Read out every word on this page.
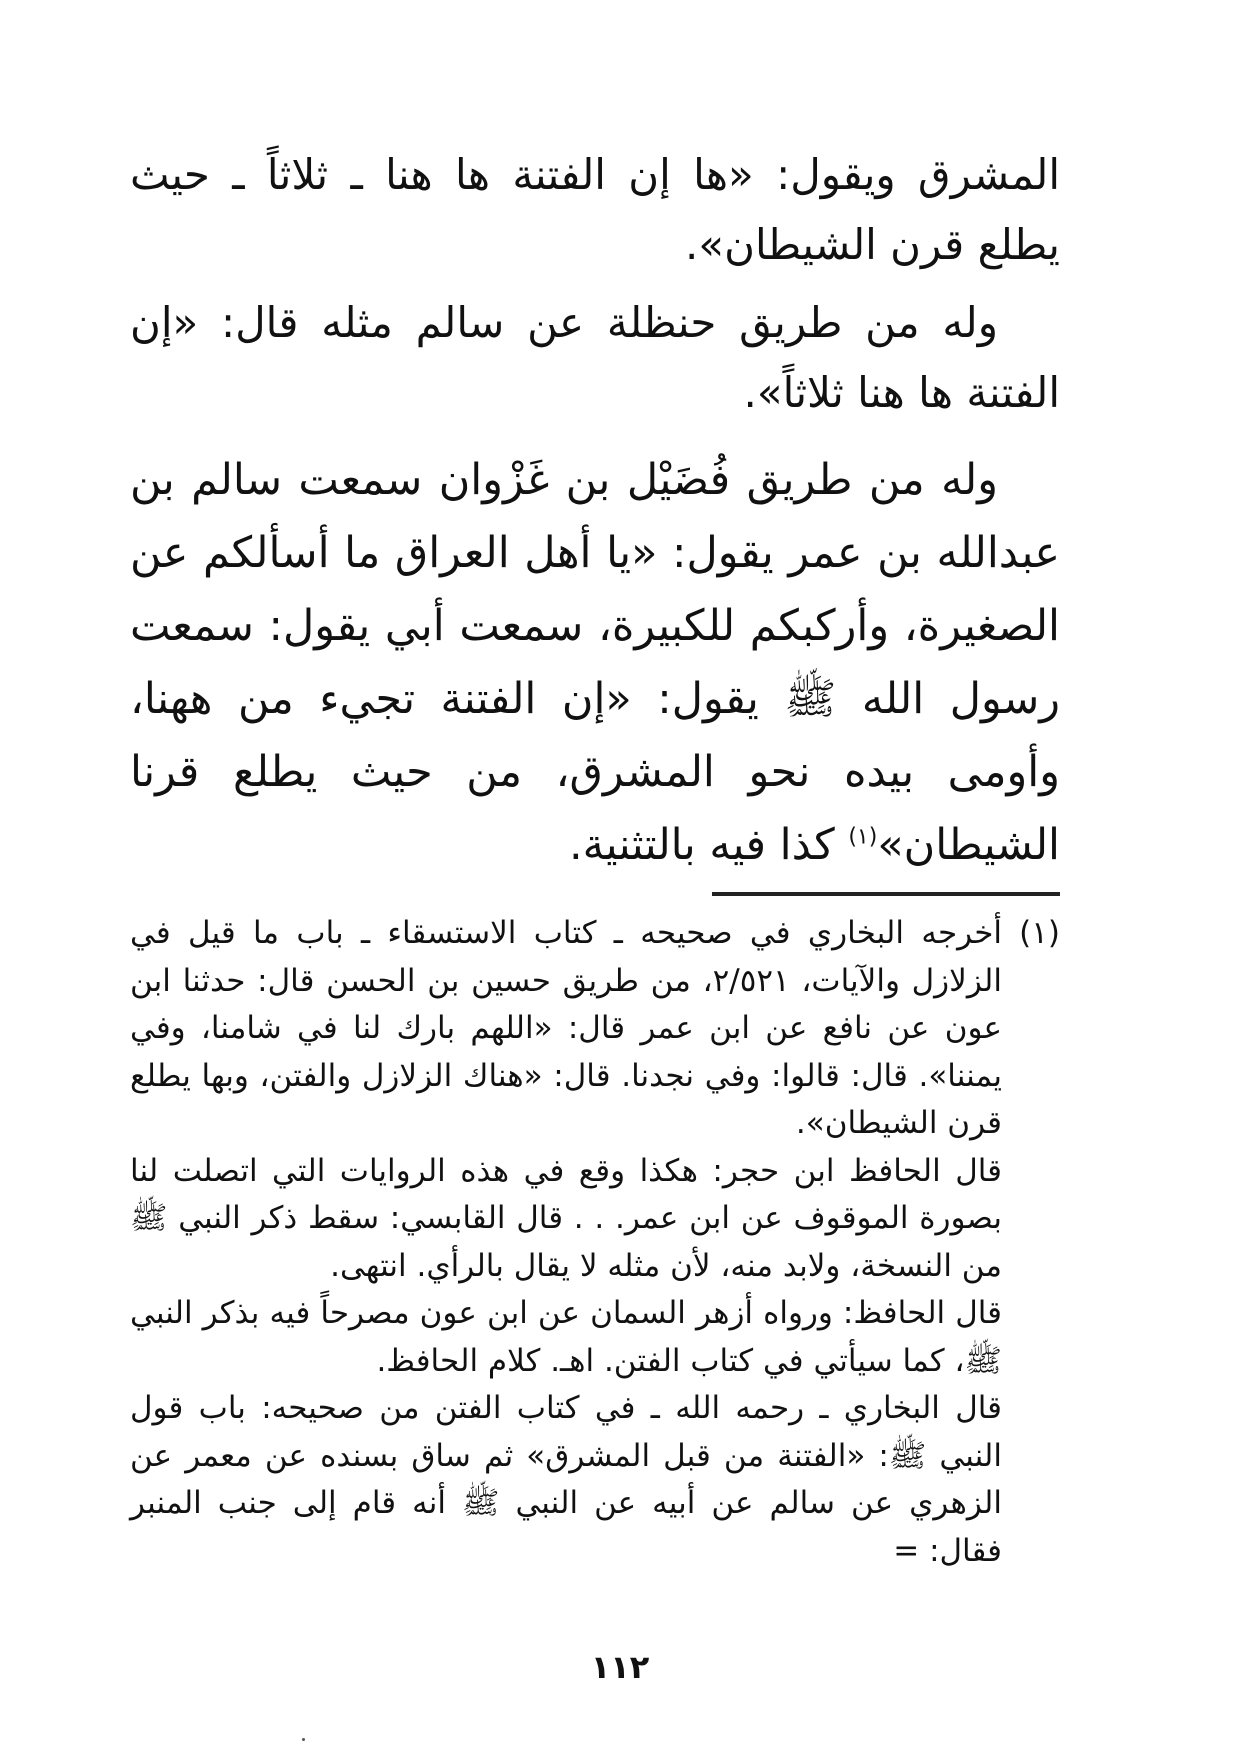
المشرق ويقول: «ها إن الفتنة ها هنا ـ ثلاثاً ـ حيث يطلع قرن الشيطان».

وله من طريق حنظلة عن سالم مثله قال: «إن الفتنة ها هنا ثلاثاً».

وله من طريق فُضَيْل بن غَزْوان سمعت سالم بن عبدالله بن عمر يقول: «يا أهل العراق ما أسألكم عن الصغيرة، وأركبكم للكبيرة، سمعت أبي يقول: سمعت رسول الله ﷺ يقول: «إن الفتنة تجيء من ههنا، وأومى بيده نحو المشرق، من حيث يطلع قرنا الشيطان»$^{(١)}$ كذا فيه بالتثنية.

(١)
أخرجه البخاري في صحيحه ـ كتاب الاستسقاء ـ باب ما قيل في الزلازل والآيات، ٢/٥٢١، من طريق حسين بن الحسن قال: حدثنا ابن عون عن نافع عن ابن عمر قال: «اللهم بارك لنا في شامنا، وفي يمننا». قال: قالوا: وفي نجدنا. قال: «هناك الزلازل والفتن، وبها يطلع قرن الشيطان».

قال الحافظ ابن حجر: هكذا وقع في هذه الروايات التي اتصلت لنا بصورة الموقوف عن ابن عمر. . . قال القابسي: سقط ذكر النبي ﷺ من النسخة، ولابد منه، لأن مثله لا يقال بالرأي. انتهى.

قال الحافظ: ورواه أزهر السمان عن ابن عون مصرحاً فيه بذكر النبي ﷺ، كما سيأتي في كتاب الفتن. اهـ. كلام الحافظ.

قال البخاري ـ رحمه الله ـ في كتاب الفتن من صحيحه: باب قول النبي ﷺ: «الفتنة من قبل المشرق» ثم ساق بسنده عن معمر عن الزهري عن سالم عن أبيه عن النبي ﷺ أنه قام إلى جنب المنبر فقال: =

١١٢
